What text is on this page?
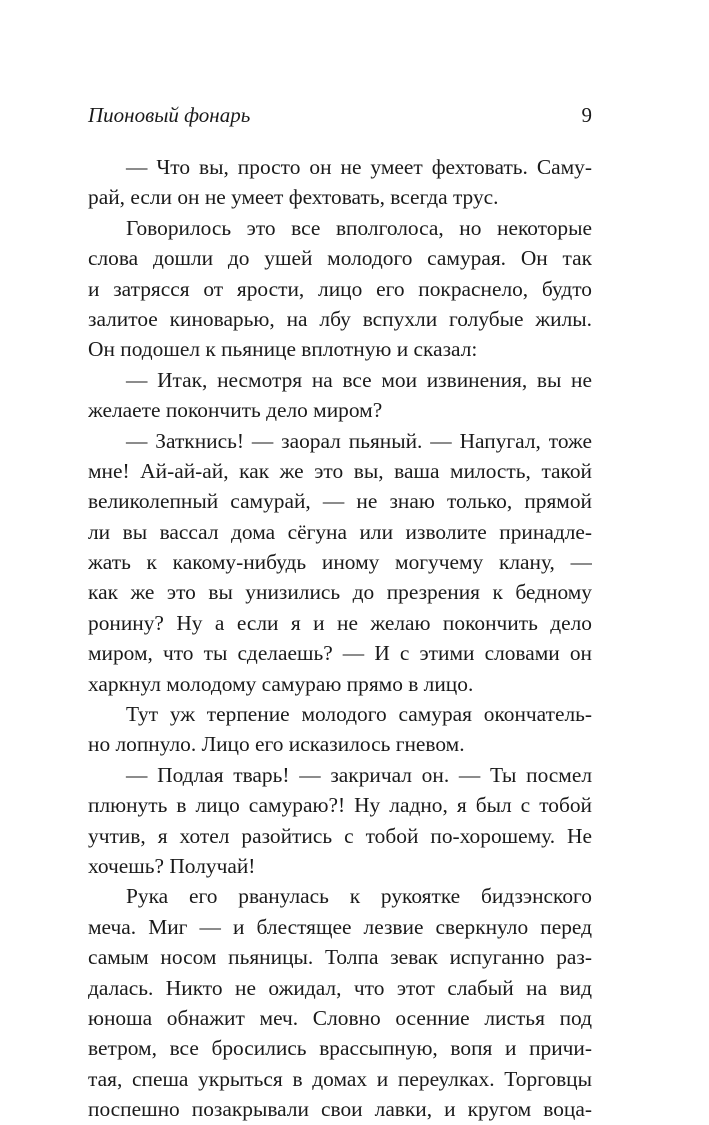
Пионовый фонарь	9
— Что вы, просто он не умеет фехтовать. Саму-
рай, если он не умеет фехтовать, всегда трус.
Говорилось это все вполголоса, но некоторые
слова дошли до ушей молодого самурая. Он так
и затрясся от ярости, лицо его покраснело, будто
залитое киноварью, на лбу вспухли голубые жилы.
Он подошел к пьянице вплотную и сказал:
— Итак, несмотря на все мои извинения, вы не
желаете покончить дело миром?
— Заткнись! — заорал пьяный. — Напугал, тоже
мне! Ай-ай-ай, как же это вы, ваша милость, такой
великолепный самурай, — не знаю только, прямой
ли вы вассал дома сёгуна или изволите принадле-
жать к какому-нибудь иному могучему клану, —
как же это вы унизились до презрения к бедному
ронину? Ну а если я и не желаю покончить дело
миром, что ты сделаешь? — И с этими словами он
харкнул молодому самураю прямо в лицо.
Тут уж терпение молодого самурая окончатель-
но лопнуло. Лицо его исказилось гневом.
— Подлая тварь! — закричал он. — Ты посмел
плюнуть в лицо самураю?! Ну ладно, я был с тобой
учтив, я хотел разойтись с тобой по-хорошему. Не
хочешь? Получай!
Рука его рванулась к рукоятке бидзэнского
меча. Миг — и блестящее лезвие сверкнуло перед
самым носом пьяницы. Толпа зевак испуганно раз-
далась. Никто не ожидал, что этот слабый на вид
юноша обнажит меч. Словно осенние листья под
ветром, все бросились врассыпную, вопя и причи-
тая, спеша укрыться в домах и переулках. Торговцы
поспешно позакрывали свои лавки, и кругом воца-
